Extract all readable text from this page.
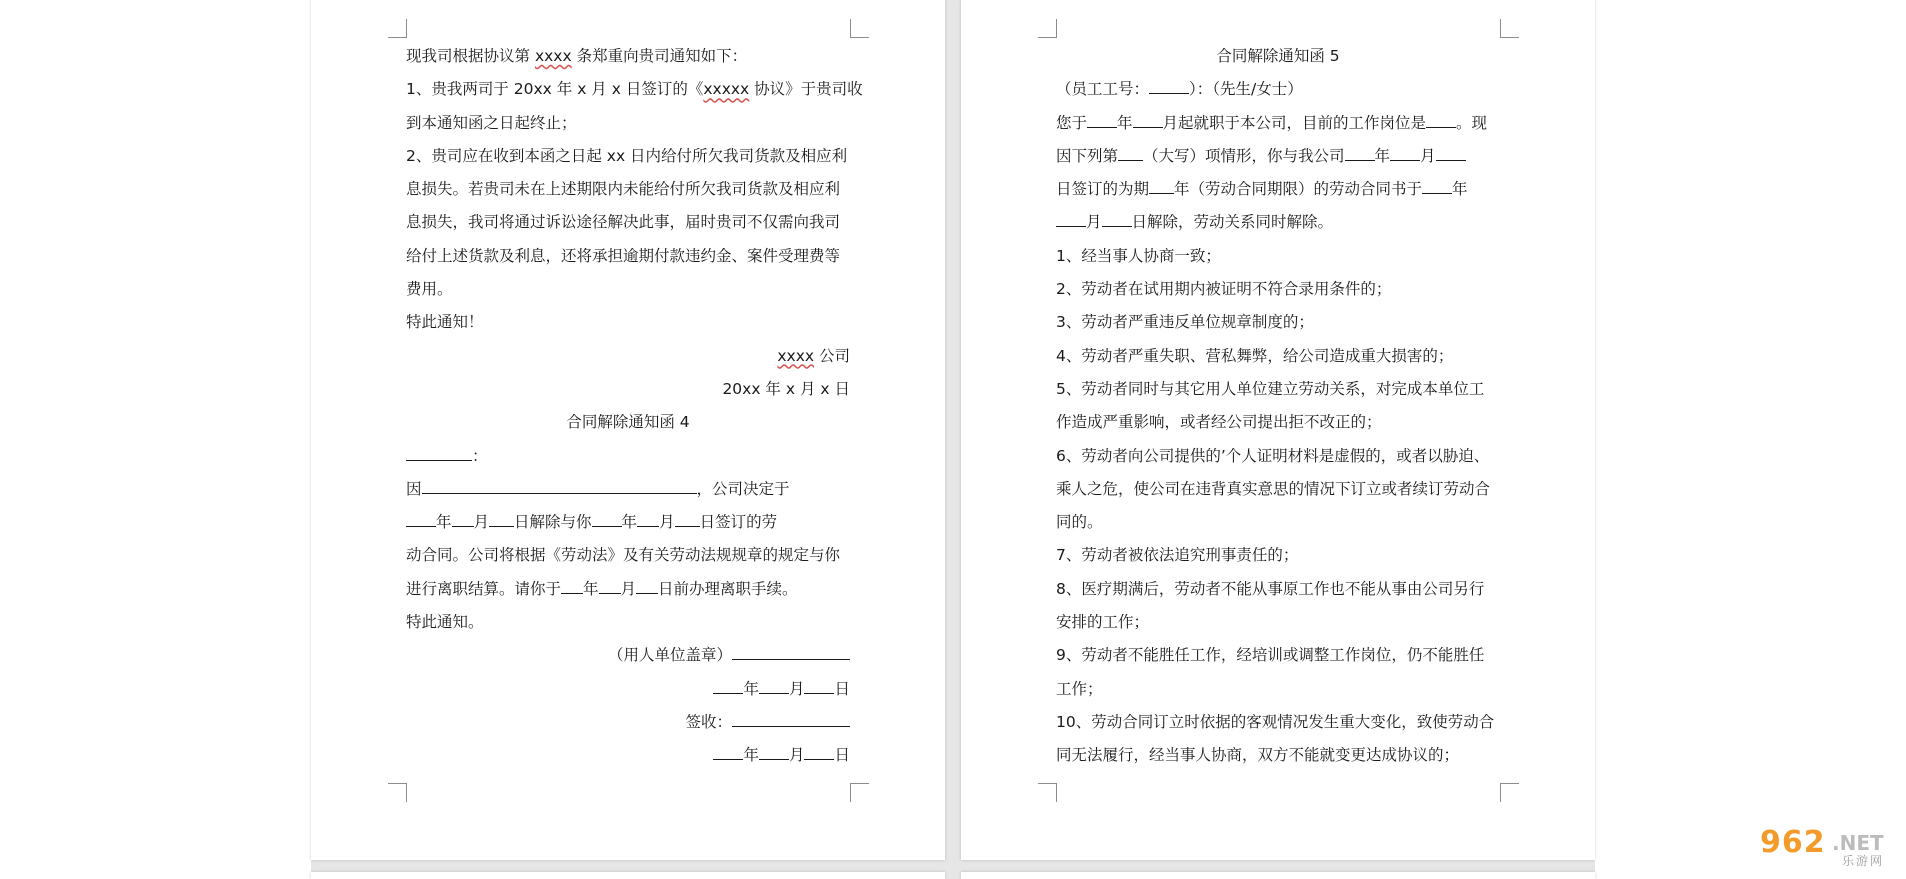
现我司根据协议第 xxxx 条郑重向贵司通知如下：
1、贵我两司于 20xx 年 x 月 x 日签订的《xxxxx 协议》于贵司收
到本通知函之日起终止；
2、贵司应在收到本函之日起 xx 日内给付所欠我司货款及相应利
息损失。若贵司未在上述期限内未能给付所欠我司货款及相应利
息损失，我司将通过诉讼途径解决此事，届时贵司不仅需向我司
给付上述货款及利息，还将承担逾期付款违约金、案件受理费等
费用。
特此通知！
xxxx 公司
20xx 年 x 月 x 日
合同解除通知函 4
：
因	，公司决定于
年 月 日解除与你 年 月 日签订的劳
动合同。公司将根据《劳动法》及有关劳动法规规章的规定与你
进行离职结算。请你于 年 月 日前办理离职手续。
特此通知。
（用人单位盖章）
年 月 日
签收：
年 月 日
合同解除通知函 5
（员工工号：	）：（先生/女士）
您于 年 月起就职于本公司，目前的工作岗位是 。现
因下列第 （大写）项情形，你与我公司 年 月
日签订的为期 年（劳动合同期限）的劳动合同书于 年
月 日解除，劳动关系同时解除。
1、经当事人协商一致；
2、劳动者在试用期内被证明不符合录用条件的；
3、劳动者严重违反单位规章制度的；
4、劳动者严重失职、营私舞弊，给公司造成重大损害的；
5、劳动者同时与其它用人单位建立劳动关系，对完成本单位工
作造成严重影响，或者经公司提出拒不改正的；
6、劳动者向公司提供的’个人证明材料是虚假的，或者以胁迫、
乘人之危，使公司在违背真实意思的情况下订立或者续订劳动合
同的。
7、劳动者被依法追究刑事责任的；
8、医疗期满后，劳动者不能从事原工作也不能从事由公司另行
安排的工作；
9、劳动者不能胜任工作，经培训或调整工作岗位，仍不能胜任
工作；
10、劳动合同订立时依据的客观情况发生重大变化，致使劳动合
同无法履行，经当事人协商，双方不能就变更达成协议的；
962 .NET
乐游网
